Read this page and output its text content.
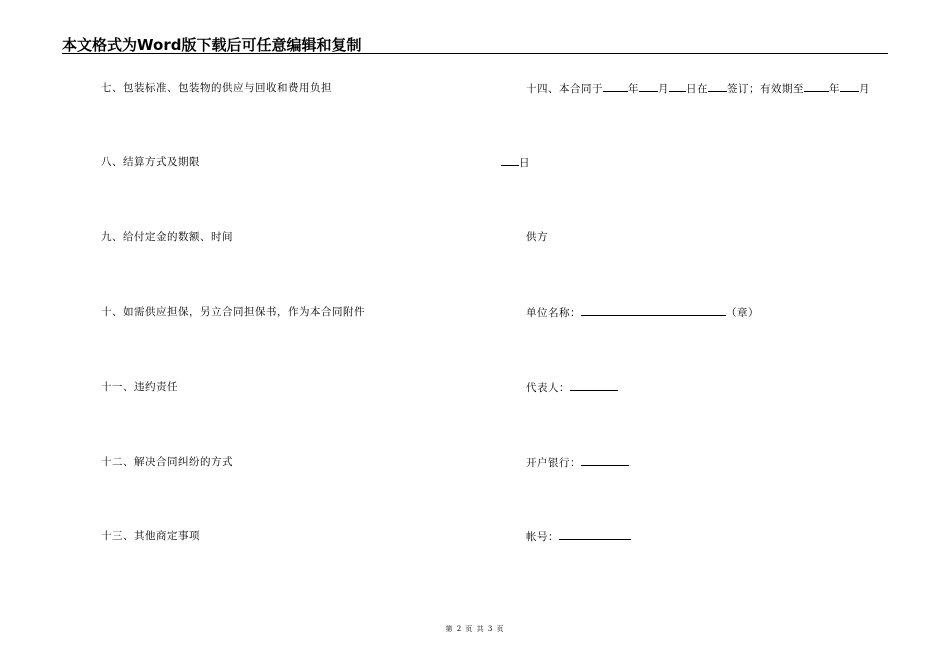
本文格式为Word版下载后可任意编辑和复制
七、包装标准、包装物的供应与回收和费用负担
八、结算方式及期限
九、给付定金的数额、时间
十、如需供应担保，另立合同担保书，作为本合同附件
十一、违约责任
十二、解决合同纠纷的方式
十三、其他商定事项
十四、本合同于 年 月 日在 签订；有效期至 年 月
日
供方
单位名称：	（章）
代表人：
开户银行：
帐号：
第 2 页 共 3 页
